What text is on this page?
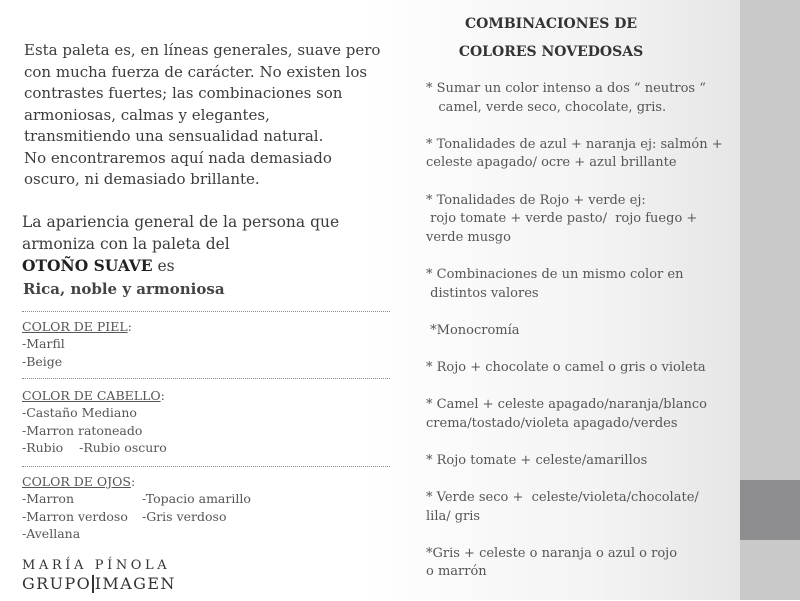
Esta paleta es, en líneas generales, suave pero
con mucha fuerza de carácter. No existen los
contrastes fuertes; las combinaciones son
armoniosas, calmas y elegantes,
transmitiendo una sensualidad natural.
No encontraremos aquí nada demasiado
oscuro, ni demasiado brillante.

La apariencia general de la persona que
armoniza con la paleta del
OTOÑO SUAVE es

Rica, noble y armoniosa

COLOR DE PIEL:
-Marfil
-Beige
COLOR DE CABELLO:
-Castaño Mediano
-Marron ratoneado
-Rubio -Rubio oscuro
COLOR DE OJOS:
-Marron	-Topacio amarillo
-Marron verdoso	-Gris verdoso
-Avellana
MARÍA PÍNOLA
GRUPO IMAGEN

COMBINACIONES DE

COLORES NOVEDOSAS

* Sumar un color intenso a dos “ neutros “
camel, verde seco, chocolate, gris.
* Tonalidades de azul + naranja ej: salmón +
celeste apagado/ ocre + azul brillante
* Tonalidades de Rojo + verde ej:
rojo tomate + verde pasto/  rojo fuego +
verde musgo
* Combinaciones de un mismo color en
distintos valores
*Monocromía
* Rojo + chocolate o camel o gris o violeta
* Camel + celeste apagado/naranja/blanco
crema/tostado/violeta apagado/verdes
* Rojo tomate + celeste/amarillos
* Verde seco +  celeste/violeta/chocolate/
lila/ gris
*Gris + celeste o naranja o azul o rojo
o marrón
